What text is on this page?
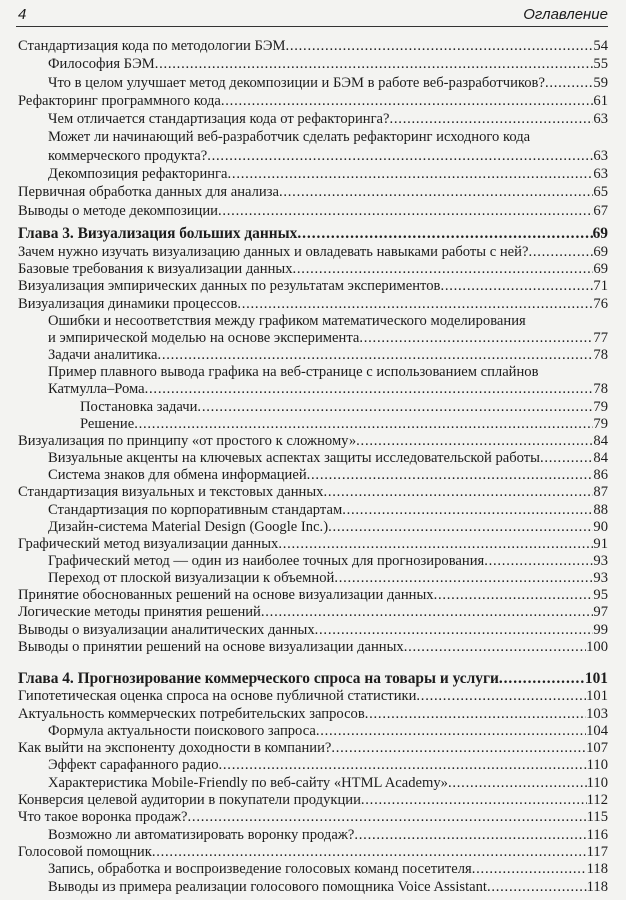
4	Оглавление
Стандартизация кода по методологии БЭМ . . .	54
Философия БЭМ . . .	55
Что в целом улучшает метод декомпозиции и БЭМ в работе веб-разработчиков? . . .	59
Рефакторинг программного кода . . .	61
Чем отличается стандартизация кода от рефакторинга? . . .	63
Может ли начинающий веб-разработчик сделать рефакторинг исходного кода
коммерческого продукта? . . .	63
Декомпозиция рефакторинга . . .	63
Первичная обработка данных для анализа . . .	65
Выводы о методе декомпозиции . . .	67
Глава 3. Визуализация больших данных . . .	69
Зачем нужно изучать визуализацию данных и овладевать навыками работы с ней? . . .	69
Базовые требования к визуализации данных . . .	69
Визуализация эмпирических данных по результатам экспериментов . . .	71
Визуализация динамики процессов . . .	76
Ошибки и несоответствия между графиком математического моделирования
и эмпирической моделью на основе эксперимента . . .	77
Задачи аналитика . . .	78
Пример плавного вывода графика на веб-странице с использованием сплайнов
Катмулла–Рома . . .	78
Постановка задачи . . .	79
Решение . . .	79
Визуализация по принципу «от простого к сложному» . . .	84
Визуальные акценты на ключевых аспектах защиты исследовательской работы . . .	84
Система знаков для обмена информацией . . .	86
Стандартизация визуальных и текстовых данных . . .	87
Стандартизация по корпоративным стандартам . . .	88
Дизайн-система Material Design (Google Inc.) . . .	90
Графический метод визуализации данных . . .	91
Графический метод — один из наиболее точных для прогнозирования . . .	93
Переход от плоской визуализации к объемной . . .	93
Принятие обоснованных решений на основе визуализации данных . . .	95
Логические методы принятия решений . . .	97
Выводы о визуализации аналитических данных . . .	99
Выводы о принятии решений на основе визуализации данных . . .	100
Глава 4. Прогнозирование коммерческого спроса на товары и услуги . . .	101
Гипотетическая оценка спроса на основе публичной статистики . . .	101
Актуальность коммерческих потребительских запросов . . .	103
Формула актуальности поискового запроса . . .	104
Как выйти на экспоненту доходности в компании? . . .	107
Эффект сарафанного радио . . .	110
Характеристика Mobile-Friendly по веб-сайту «HTML Academy» . . .	110
Конверсия целевой аудитории в покупатели продукции . . .	112
Что такое воронка продаж? . . .	115
Возможно ли автоматизировать воронку продаж? . . .	116
Голосовой помощник . . .	117
Запись, обработка и воспроизведение голосовых команд посетителя . . .	118
Выводы из примера реализации голосового помощника Voice Assistant . . .	118
